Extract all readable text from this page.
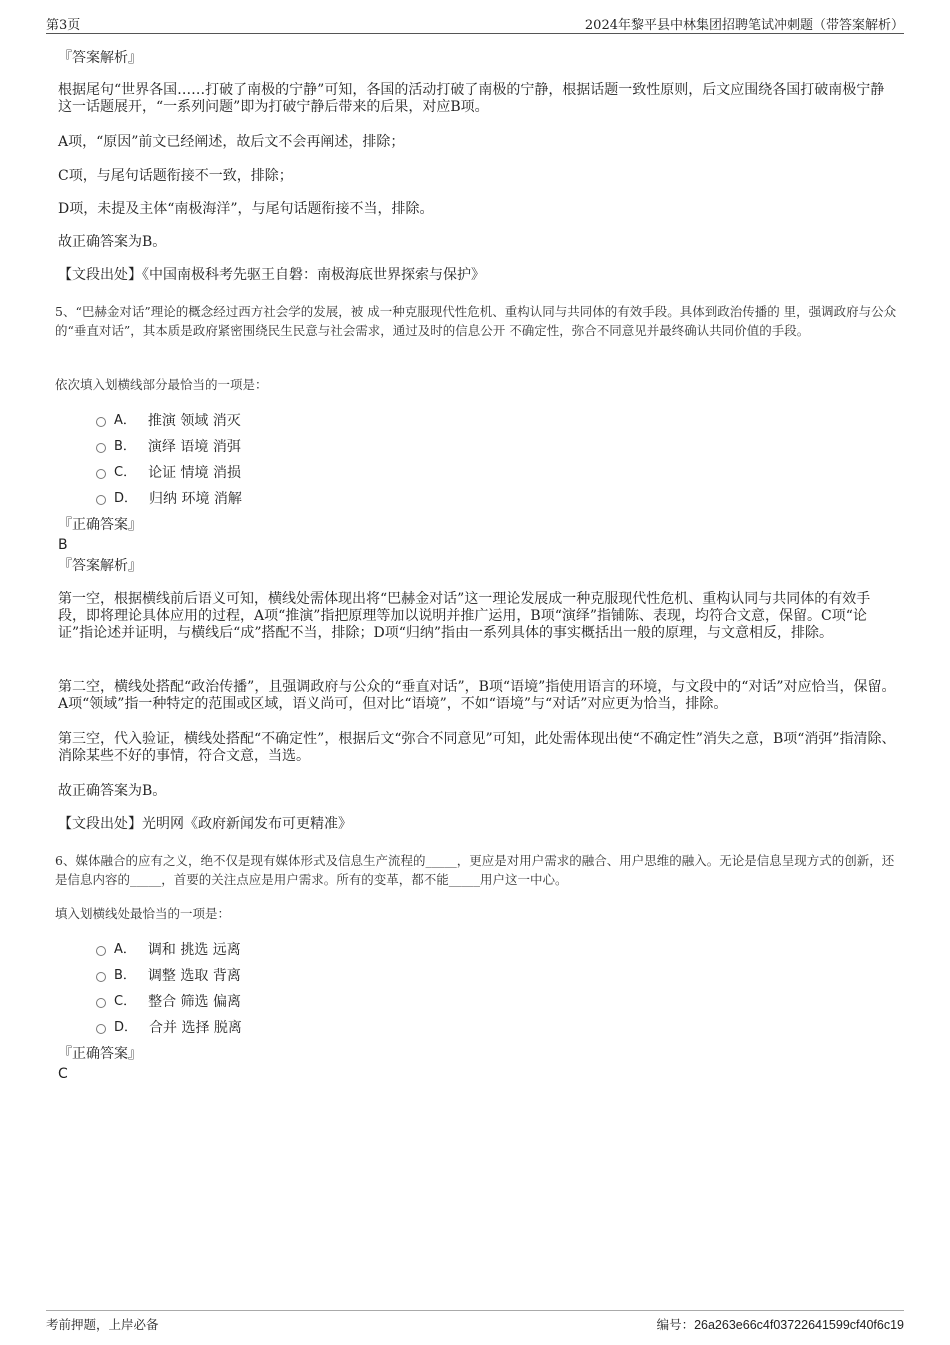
第3页	2024年黎平县中林集团招聘笔试冲刺题（带答案解析）
『答案解析』
根据尾句“世界各国……打破了南极的宁静”可知，各国的活动打破了南极的宁静，根据话题一致性原则，后文应围绕各国打破南极宁静这一话题展开，“一系列问题”即为打破宁静后带来的后果，对应B项。
A项，“原因”前文已经阐述，故后文不会再阐述，排除；
C项，与尾句话题衔接不一致，排除；
D项，未提及主体“南极海洋”，与尾句话题衔接不当，排除。
故正确答案为B。
【文段出处】《中国南极科考先驱王自磐：南极海底世界探索与保护》
5、“巴赫金对话”理论的概念经过西方社会学的发展，被 成一种克服现代性危机、重构认同与共同体的有效手段。具体到政治传播的 里，强调政府与公众的“垂直对话”，其本质是政府紧密围绕民生民意与社会需求，通过及时的信息公开 不确定性，弥合不同意见并最终确认共同价值的手段。
依次填入划横线部分最恰当的一项是：
A． 推演 领域 消灭
B． 演绎 语境 消弭
C． 论证 情境 消损
D． 归纳 环境 消解
『正确答案』
B
『答案解析』
第一空，根据横线前后语义可知，横线处需体现出将“巴赫金对话”这一理论发展成一种克服现代性危机、重构认同与共同体的有效手段，即将理论具体应用的过程，A项“推演”指把原理等加以说明并推广运用，B项“演绎”指铺陈、表现，均符合文意，保留。C项“论证”指论述并证明，与横线后“成”搭配不当，排除；D项“归纳”指由一系列具体的事实概括出一般的原理，与文意相反，排除。
第二空，横线处搭配“政治传播”，且强调政府与公众的“垂直对话”，B项“语境”指使用语言的环境，与文段中的“对话”对应恰当，保留。A项“领域”指一种特定的范围或区域，语义尚可，但对比“语境”，不如“语境”与“对话”对应更为恰当，排除。
第三空，代入验证，横线处搭配“不确定性”，根据后文“弥合不同意见”可知，此处需体现出使“不确定性”消失之意，B项“消弭”指清除、消除某些不好的事情，符合文意，当选。
故正确答案为B。
【文段出处】光明网《政府新闻发布可更精准》
6、媒体融合的应有之义，绝不仅是现有媒体形式及信息生产流程的_____，更应是对用户需求的融合、用户思维的融入。无论是信息呈现方式的创新，还是信息内容的_____，首要的关注点应是用户需求。所有的变革，都不能_____用户这一中心。
填入划横线处最恰当的一项是：
A． 调和 挑选 远离
B． 调整 选取 背离
C． 整合 筛选 偏离
D． 合并 选择 脱离
『正确答案』
C
考前押题，上岸必备	编号：26a263e66c4f03722641599cf40f6c19
